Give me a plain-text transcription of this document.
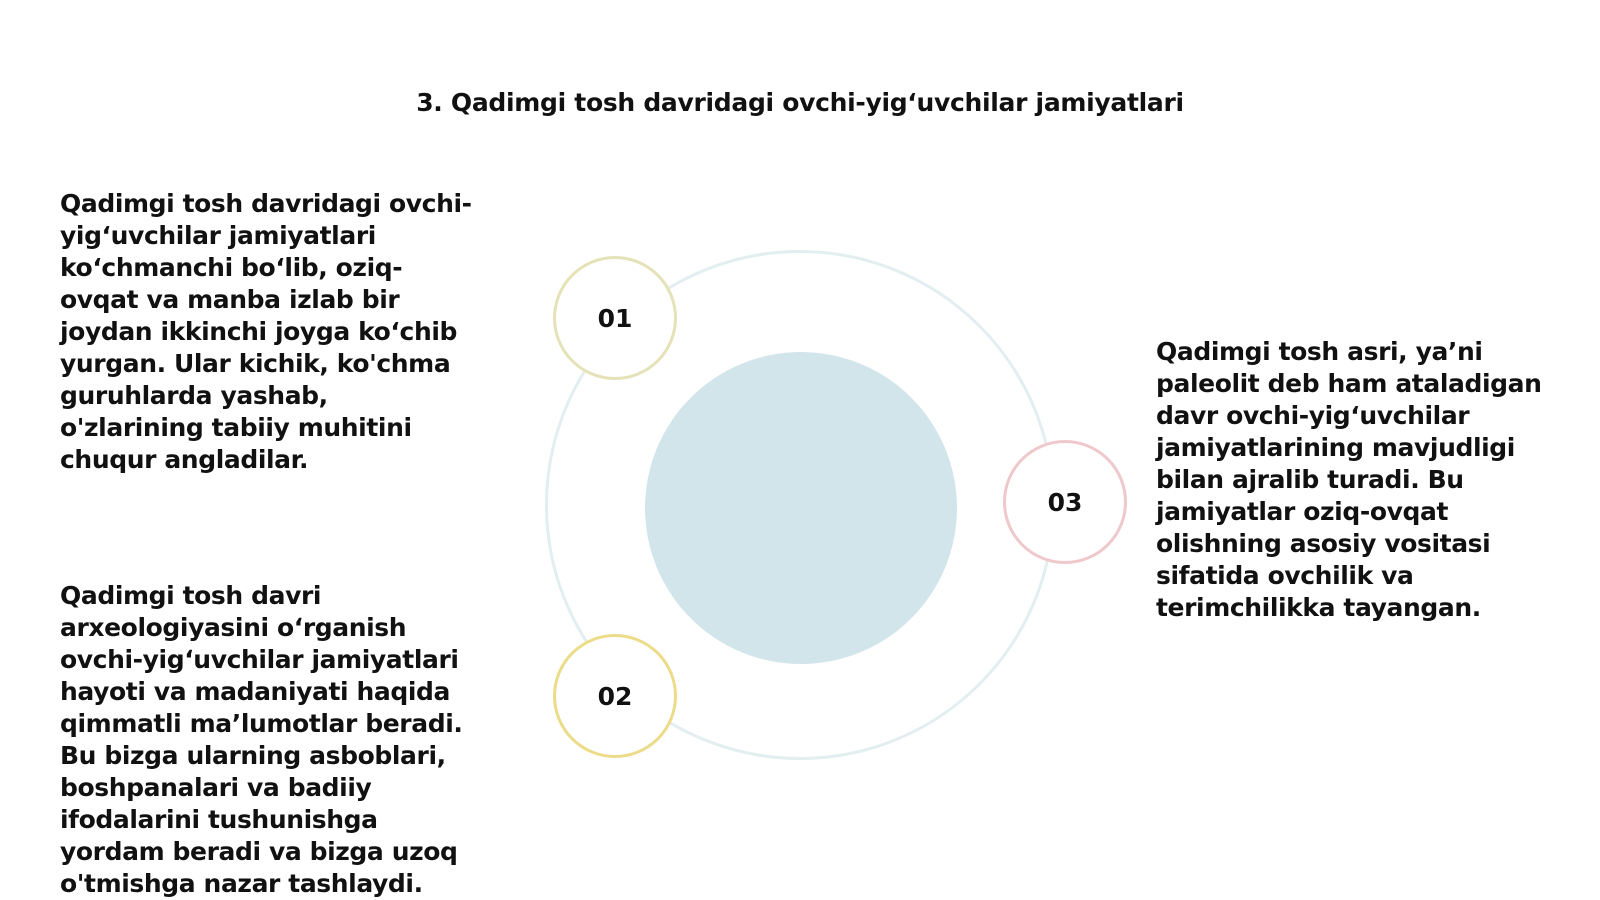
3. Qadimgi tosh davridagi ovchi-yig‘uvchilar jamiyatlari
01
02
03
Qadimgi tosh davridagi ovchi-
yig‘uvchilar jamiyatlari
ko‘chmanchi bo‘lib, oziq-
ovqat va manba izlab bir
joydan ikkinchi joyga ko‘chib
yurgan. Ular kichik, ko'chma
guruhlarda yashab,
o'zlarining tabiiy muhitini
chuqur angladilar.
Qadimgi tosh davri
arxeologiyasini oʻrganish
ovchi-yigʻuvchilar jamiyatlari
hayoti va madaniyati haqida
qimmatli ma’lumotlar beradi.
Bu bizga ularning asboblari,
boshpanalari va badiiy
ifodalarini tushunishga
yordam beradi va bizga uzoq
o'tmishga nazar tashlaydi.
Qadimgi tosh asri, ya’ni
paleolit deb ham ataladigan
davr ovchi-yig‘uvchilar
jamiyatlarining mavjudligi
bilan ajralib turadi. Bu
jamiyatlar oziq-ovqat
olishning asosiy vositasi
sifatida ovchilik va
terimchilikka tayangan.
